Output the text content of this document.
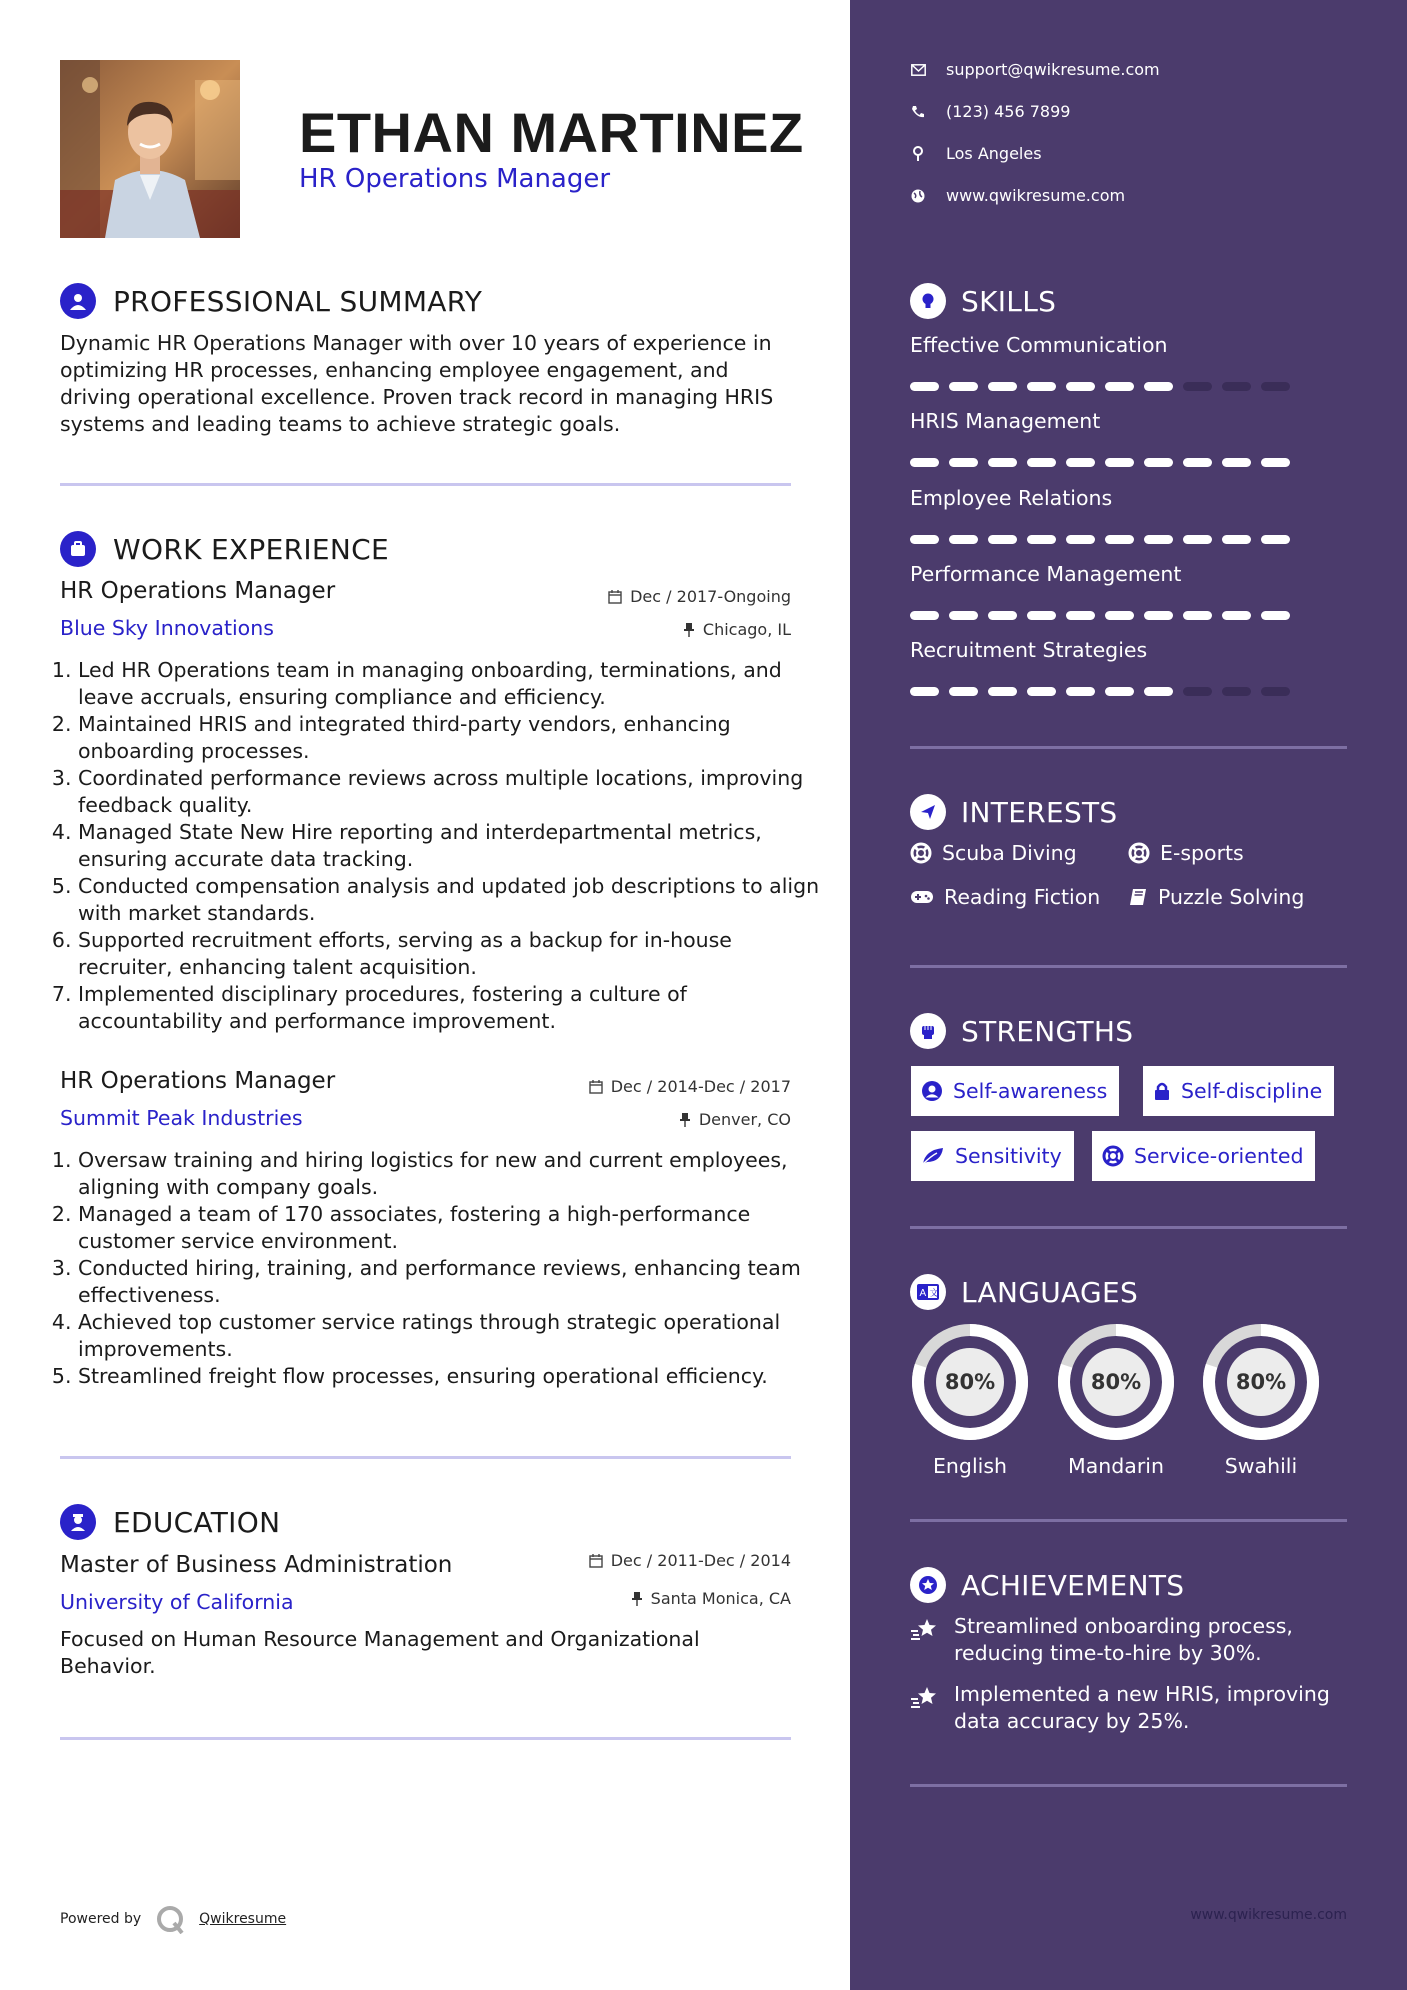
ETHAN MARTINEZ
HR Operations Manager
PROFESSIONAL SUMMARY
Dynamic HR Operations Manager with over 10 years of experience in optimizing HR processes, enhancing employee engagement, and driving operational excellence. Proven track record in managing HRIS systems and leading teams to achieve strategic goals.
WORK EXPERIENCE
HR Operations Manager	Dec / 2017-Ongoing
Blue Sky Innovations	Chicago, IL
1. Led HR Operations team in managing onboarding, terminations, and leave accruals, ensuring compliance and efficiency.
2. Maintained HRIS and integrated third-party vendors, enhancing onboarding processes.
3. Coordinated performance reviews across multiple locations, improving feedback quality.
4. Managed State New Hire reporting and interdepartmental metrics, ensuring accurate data tracking.
5. Conducted compensation analysis and updated job descriptions to align with market standards.
6. Supported recruitment efforts, serving as a backup for in-house recruiter, enhancing talent acquisition.
7. Implemented disciplinary procedures, fostering a culture of accountability and performance improvement.
HR Operations Manager	Dec / 2014-Dec / 2017
Summit Peak Industries	Denver, CO
1. Oversaw training and hiring logistics for new and current employees, aligning with company goals.
2. Managed a team of 170 associates, fostering a high-performance customer service environment.
3. Conducted hiring, training, and performance reviews, enhancing team effectiveness.
4. Achieved top customer service ratings through strategic operational improvements.
5. Streamlined freight flow processes, ensuring operational efficiency.
EDUCATION
Master of Business Administration	Dec / 2011-Dec / 2014
University of California	Santa Monica, CA
Focused on Human Resource Management and Organizational Behavior.
Powered by	Qwikresume
support@qwikresume.com
(123) 456 7899
Los Angeles
www.qwikresume.com
SKILLS
Effective Communication
HRIS Management
Employee Relations
Performance Management
Recruitment Strategies
INTERESTS
Scuba Diving	E-sports
Reading Fiction	Puzzle Solving
STRENGTHS
Self-awareness	Self-discipline
Sensitivity	Service-oriented
A 文 LANGUAGES
80%
English
80%
Mandarin
80%
Swahili
ACHIEVEMENTS
Streamlined onboarding process, reducing time-to-hire by 30%.
Implemented a new HRIS, improving data accuracy by 25%.
www.qwikresume.com
